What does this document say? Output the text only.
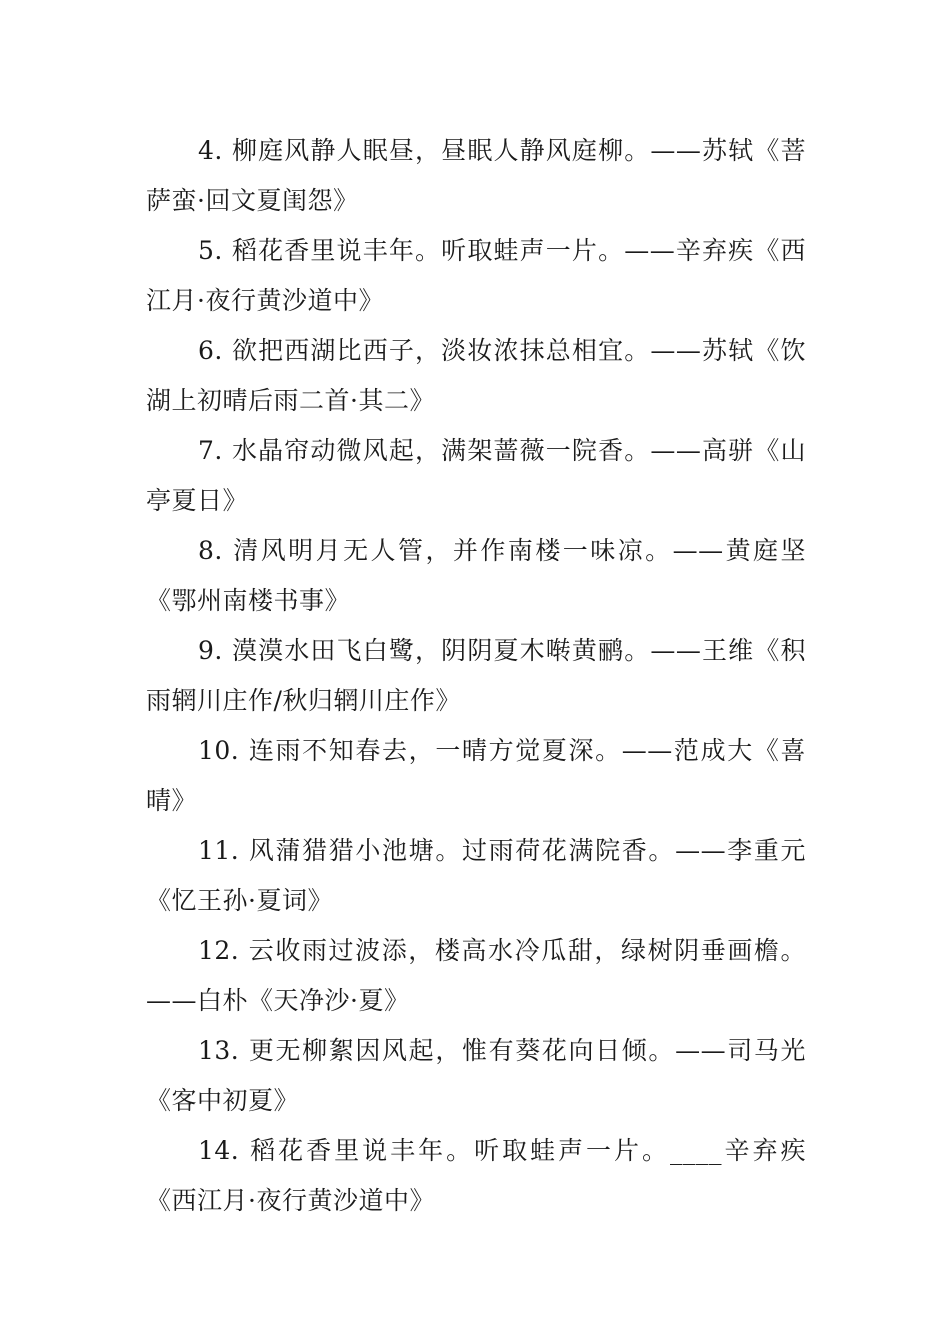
4. 柳庭风静人眠昼，昼眠人静风庭柳。——苏轼《菩萨蛮·回文夏闺怨》

5. 稻花香里说丰年。听取蛙声一片。——辛弃疾《西江月·夜行黄沙道中》

6. 欲把西湖比西子，淡妆浓抹总相宜。——苏轼《饮湖上初晴后雨二首·其二》

7. 水晶帘动微风起，满架蔷薇一院香。——高骈《山亭夏日》

8. 清风明月无人管，并作南楼一味凉。——黄庭坚《鄂州南楼书事》

9. 漠漠水田飞白鹭，阴阴夏木啭黄鹂。——王维《积雨辋川庄作/秋归辋川庄作》

10. 连雨不知春去，一晴方觉夏深。——范成大《喜晴》

11. 风蒲猎猎小池塘。过雨荷花满院香。——李重元《忆王孙·夏词》

12. 云收雨过波添，楼高水冷瓜甜，绿树阴垂画檐。——白朴《天净沙·夏》

13. 更无柳絮因风起，惟有葵花向日倾。——司马光《客中初夏》

14. 稻花香里说丰年。听取蛙声一片。____辛弃疾《西江月·夜行黄沙道中》
